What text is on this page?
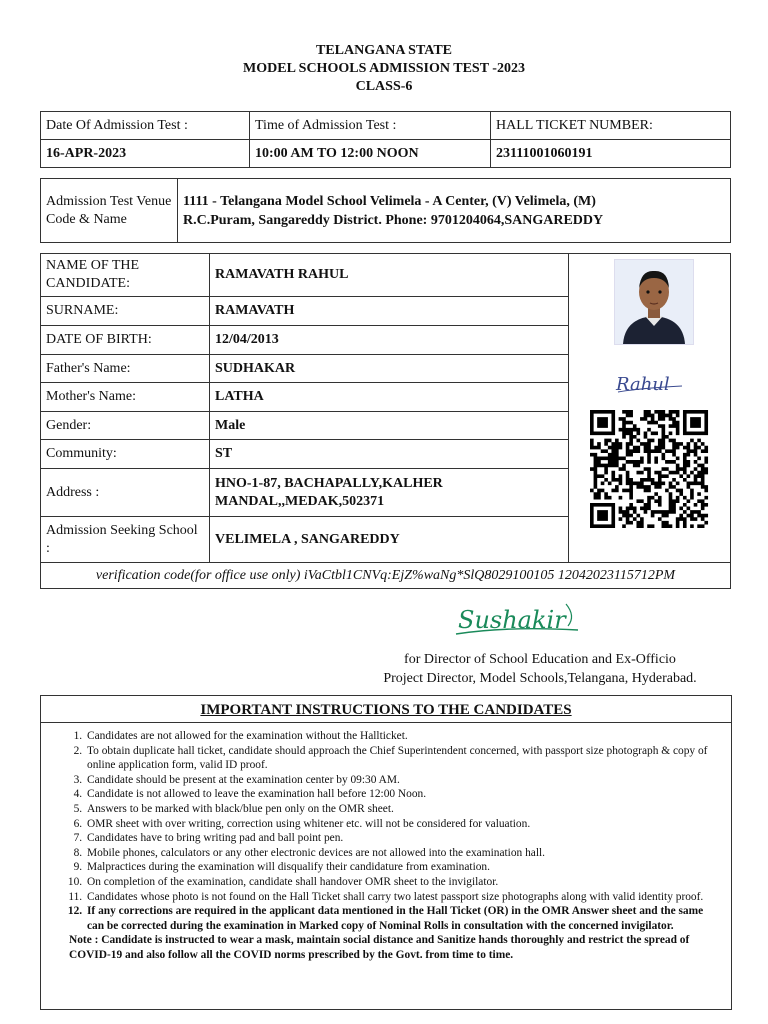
TELANGANA STATE
MODEL SCHOOLS ADMISSION TEST -2023
CLASS-6
Date Of Admission Test :	Time of Admission Test :	HALL TICKET NUMBER:
16-APR-2023	10:00 AM TO 12:00 NOON	23111001060191
Admission Test Venue Code & Name	
1111 - Telangana Model School Velimela - A Center, (V) Velimela, (M)
R.C.Puram, Sangareddy District. Phone: 9701204064,SANGAREDDY
NAME OF THE CANDIDATE:	RAMAVATH RAHUL	
SURNAME:	RAMAVATH	
DATE OF BIRTH:	12/04/2013	
Father's Name:	SUDHAKAR	
Mother's Name:	LATHA	
Gender:	Male	
Community:	ST	
Address :	HNO-1-87, BACHAPALLY,KALHER MANDAL,,MEDAK,502371	
Admission Seeking School :	VELIMELA , SANGAREDDY	
verification code(for office use only) iVaCtbl1CNVq:EjZ%waNg*SlQ8029100105 12042023115712PM		
Rahul
Sushakir
for Director of School Education and Ex-Officio
Project Director, Model Schools,Telangana, Hyderabad.
IMPORTANT INSTRUCTIONS TO THE CANDIDATES
1. Candidates are not allowed for the examination without the Hallticket.
2. To obtain duplicate hall ticket, candidate should approach the Chief Superintendent concerned, with passport size photograph & copy of online application form, valid ID proof.
3. Candidate should be present at the examination center by 09:30 AM.
4. Candidate is not allowed to leave the examination hall before 12:00 Noon.
5. Answers to be marked with black/blue pen only on the OMR sheet.
6. OMR sheet with over writing, correction using whitener etc. will not be considered for valuation.
7. Candidates have to bring writing pad and ball point pen.
8. Mobile phones, calculators or any other electronic devices are not allowed into the examination hall.
9. Malpractices during the examination will disqualify their candidature from examination.
10. On completion of the examination, candidate shall handover OMR sheet to the invigilator.
11. Candidates whose photo is not found on the Hall Ticket shall carry two latest passport size photographs along with valid identity proof.
12. If any corrections are required in the applicant data mentioned in the Hall Ticket (OR) in the OMR Answer sheet and the same can be corrected during the examination in Marked copy of Nominal Rolls in consultation with the concerned invigilator.
Note : Candidate is instructed to wear a mask, maintain social distance and Sanitize hands thoroughly and restrict the spread of COVID-19 and also follow all the COVID norms prescribed by the Govt. from time to time.
